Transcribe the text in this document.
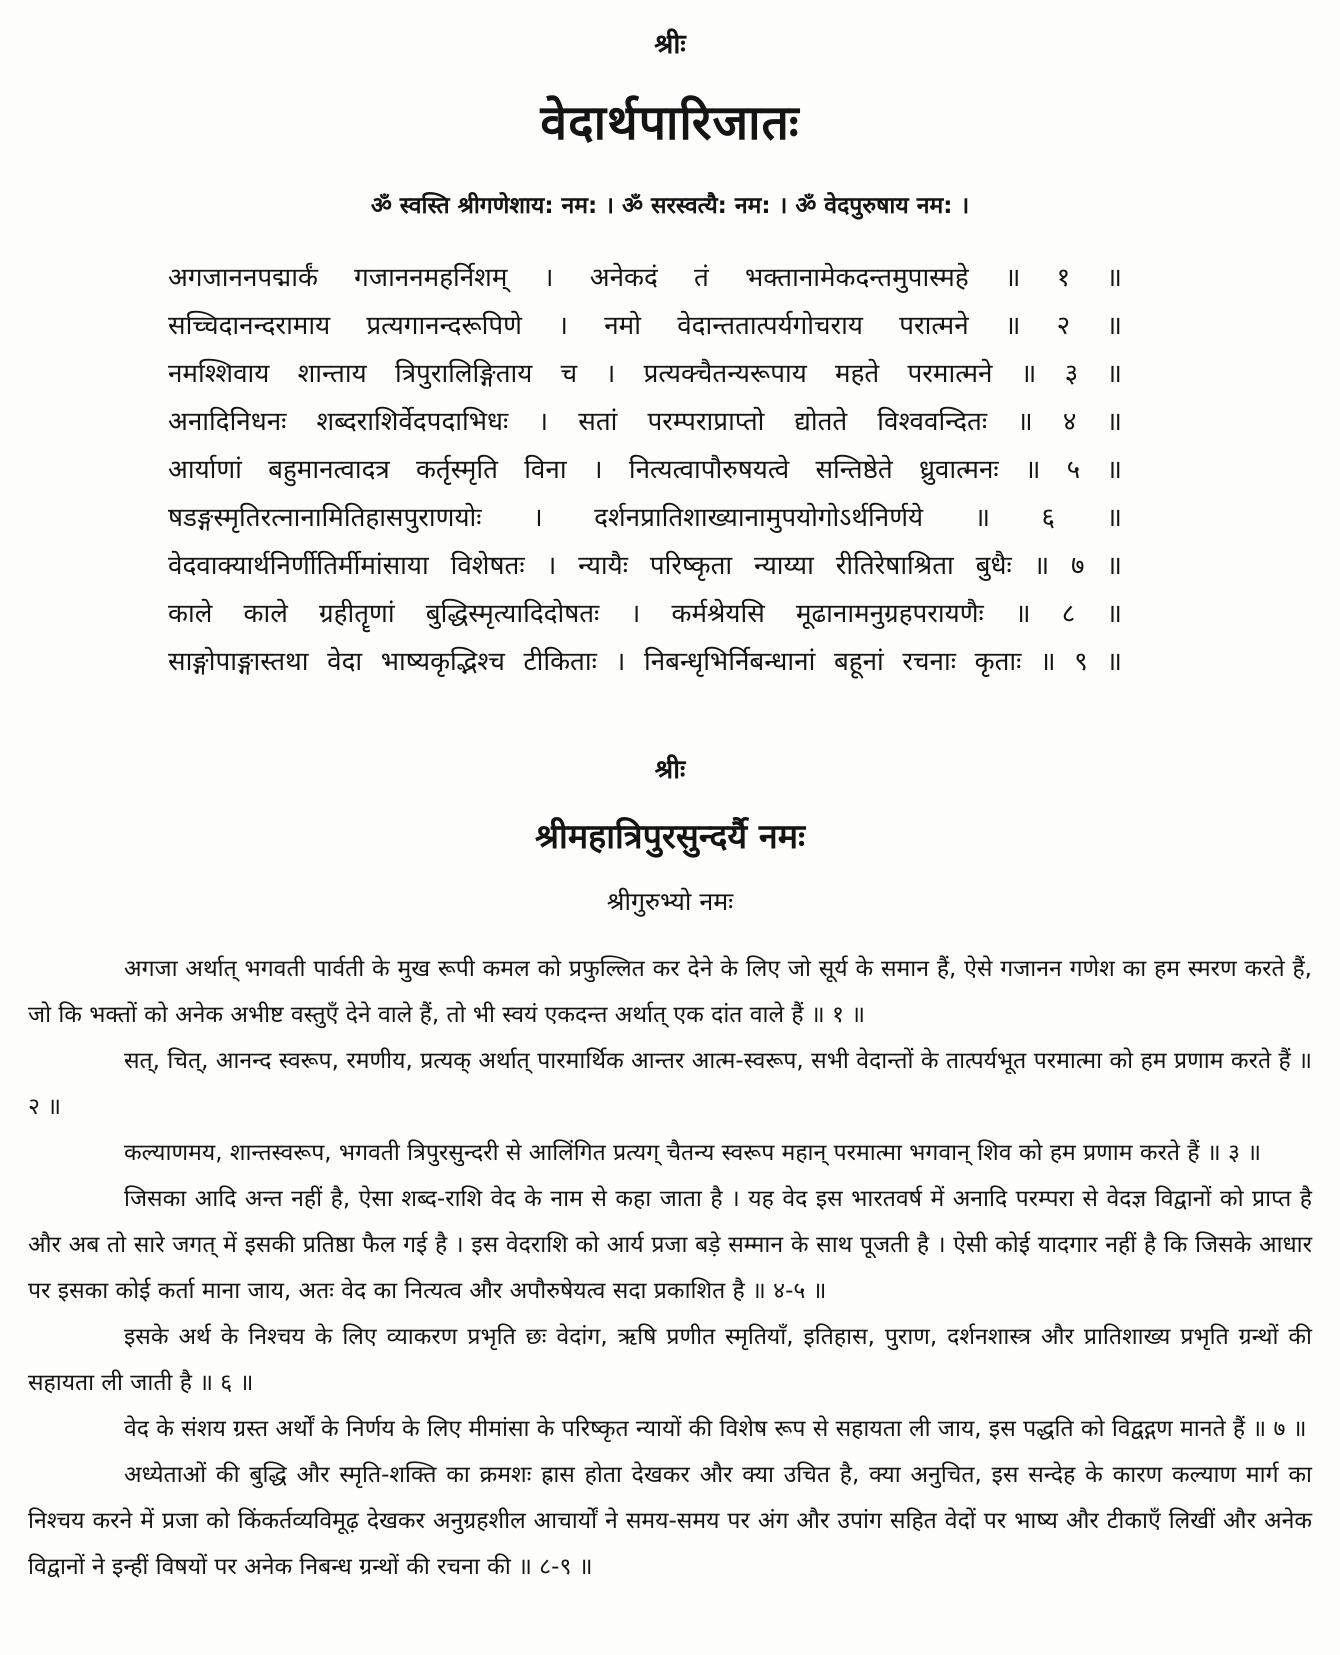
श्रीः
वेदार्थपारिजातः
ॐ स्वस्ति श्रीगणेशाय: नम: । ॐ सरस्वत्यै: नम: । ॐ वेदपुरुषाय नम: ।
अगजाननपद्मार्कं गजाननमहर्निशम् । अनेकदं तं भक्तानामेकदन्तमुपास्महे ॥ १ ॥
सच्चिदानन्दरामाय प्रत्यगानन्दरूपिणे । नमो वेदान्ततात्पर्यगोचराय परात्मने ॥ २ ॥
नमश्शिवाय शान्ताय त्रिपुरालिङ्गिताय च । प्रत्यक्चैतन्यरूपाय महते परमात्मने ॥ ३ ॥
अनादिनिधनः शब्दराशिर्वेदपदाभिधः । सतां परम्पराप्राप्तो द्योतते विश्ववन्दितः ॥ ४ ॥
आर्याणां बहुमानत्वादत्र कर्तृस्मृति विना । नित्यत्वापौरुषयत्वे सन्तिष्ठेते ध्रुवात्मनः ॥ ५ ॥
षडङ्गस्मृतिरत्नानामितिहासपुराणयोः । दर्शनप्रातिशाख्यानामुपयोगोऽर्थनिर्णये ॥ ६ ॥
वेदवाक्यार्थनिर्णीतिर्मीमांसाया विशेषतः । न्यायैः परिष्कृता न्याय्या रीतिरेषाश्रिता बुधैः ॥ ७ ॥
काले काले ग्रहीतॄणां बुद्धिस्मृत्यादिदोषतः । कर्मश्रेयसि मूढानामनुग्रहपरायणैः ॥ ८ ॥
साङ्गोपाङ्गास्तथा वेदा भाष्यकृद्भिश्च टीकिताः । निबन्धृभिर्निबन्धानां बहूनां रचनाः कृताः ॥ ९ ॥
श्रीः
श्रीमहात्रिपुरसुन्दर्यै नमः
श्रीगुरुभ्यो नमः
अगजा अर्थात् भगवती पार्वती के मुख रूपी कमल को प्रफुल्लित कर देने के लिए जो सूर्य के समान हैं, ऐसे गजानन गणेश का हम स्मरण करते हैं, जो कि भक्तों को अनेक अभीष्ट वस्तुएँ देने वाले हैं, तो भी स्वयं एकदन्त अर्थात् एक दांत वाले हैं ॥ १ ॥
सत्, चित्, आनन्द स्वरूप, रमणीय, प्रत्यक् अर्थात् पारमार्थिक आन्तर आत्म-स्वरूप, सभी वेदान्तों के तात्पर्यभूत परमात्मा को हम प्रणाम करते हैं ॥ २ ॥
कल्याणमय, शान्तस्वरूप, भगवती त्रिपुरसुन्दरी से आलिंगित प्रत्यग् चैतन्य स्वरूप महान् परमात्मा भगवान् शिव को हम प्रणाम करते हैं ॥ ३ ॥
जिसका आदि अन्त नहीं है, ऐसा शब्द-राशि वेद के नाम से कहा जाता है । यह वेद इस भारतवर्ष में अनादि परम्परा से वेदज्ञ विद्वानों को प्राप्त है और अब तो सारे जगत् में इसकी प्रतिष्ठा फैल गई है । इस वेदराशि को आर्य प्रजा बड़े सम्मान के साथ पूजती है । ऐसी कोई यादगार नहीं है कि जिसके आधार पर इसका कोई कर्ता माना जाय, अतः वेद का नित्यत्व और अपौरुषेयत्व सदा प्रकाशित है ॥ ४-५ ॥
इसके अर्थ के निश्चय के लिए व्याकरण प्रभृति छः वेदांग, ऋषि प्रणीत स्मृतियाँ, इतिहास, पुराण, दर्शनशास्त्र और प्रातिशाख्य प्रभृति ग्रन्थों की सहायता ली जाती है ॥ ६ ॥
वेद के संशय ग्रस्त अर्थों के निर्णय के लिए मीमांसा के परिष्कृत न्यायों की विशेष रूप से सहायता ली जाय, इस पद्धति को विद्वद्गण मानते हैं ॥ ७ ॥
अध्येताओं की बुद्धि और स्मृति-शक्ति का क्रमशः ह्रास होता देखकर और क्या उचित है, क्या अनुचित, इस सन्देह के कारण कल्याण मार्ग का निश्चय करने में प्रजा को किंकर्तव्यविमूढ़ देखकर अनुग्रहशील आचार्यों ने समय-समय पर अंग और उपांग सहित वेदों पर भाष्य और टीकाएँ लिखीं और अनेक विद्वानों ने इन्हीं विषयों पर अनेक निबन्ध ग्रन्थों की रचना की ॥ ८-९ ॥
